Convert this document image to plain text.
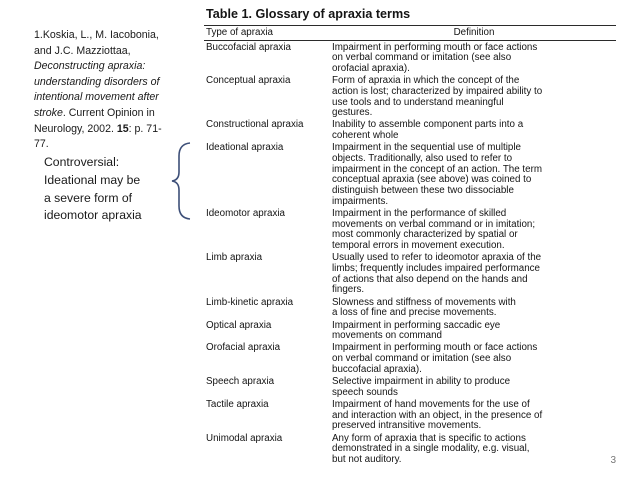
1.Koskia, L., M. Iacobonia,
and J.C. Mazziottaa,
Deconstructing apraxia:
understanding disorders of
intentional movement after
stroke. Current Opinion in
Neurology, 2002. 15: p. 71-
77.
Controversial:
Ideational may be
a severe form of
ideomotor apraxia
Table 1. Glossary of apraxia terms
Type of apraxia	Definition
Buccofacial apraxia	Impairment in performing mouth or face actions
on verbal command or imitation (see also
orofacial apraxia).
Conceptual apraxia	Form of apraxia in which the concept of the
action is lost; characterized by impaired ability to
use tools and to understand meaningful
gestures.
Constructional apraxia	Inability to assemble component parts into a
coherent whole
Ideational apraxia	Impairment in the sequential use of multiple
objects. Traditionally, also used to refer to
impairment in the concept of an action. The term
conceptual apraxia (see above) was coined to
distinguish between these two dissociable
impairments.
Ideomotor apraxia	Impairment in the performance of skilled
movements on verbal command or in imitation;
most commonly characterized by spatial or
temporal errors in movement execution.
Limb apraxia	Usually used to refer to ideomotor apraxia of the
limbs; frequently includes impaired performance
of actions that also depend on the hands and
fingers.
Limb-kinetic apraxia	Slowness and stiffness of movements with
a loss of fine and precise movements.
Optical apraxia	Impairment in performing saccadic eye
movements on command
Orofacial apraxia	Impairment in performing mouth or face actions
on verbal command or imitation (see also
buccofacial apraxia).
Speech apraxia	Selective impairment in ability to produce
speech sounds
Tactile apraxia	Impairment of hand movements for the use of
and interaction with an object, in the presence of
preserved intransitive movements.
Unimodal apraxia	Any form of apraxia that is specific to actions
demonstrated in a single modality, e.g. visual,
but not auditory.	3
